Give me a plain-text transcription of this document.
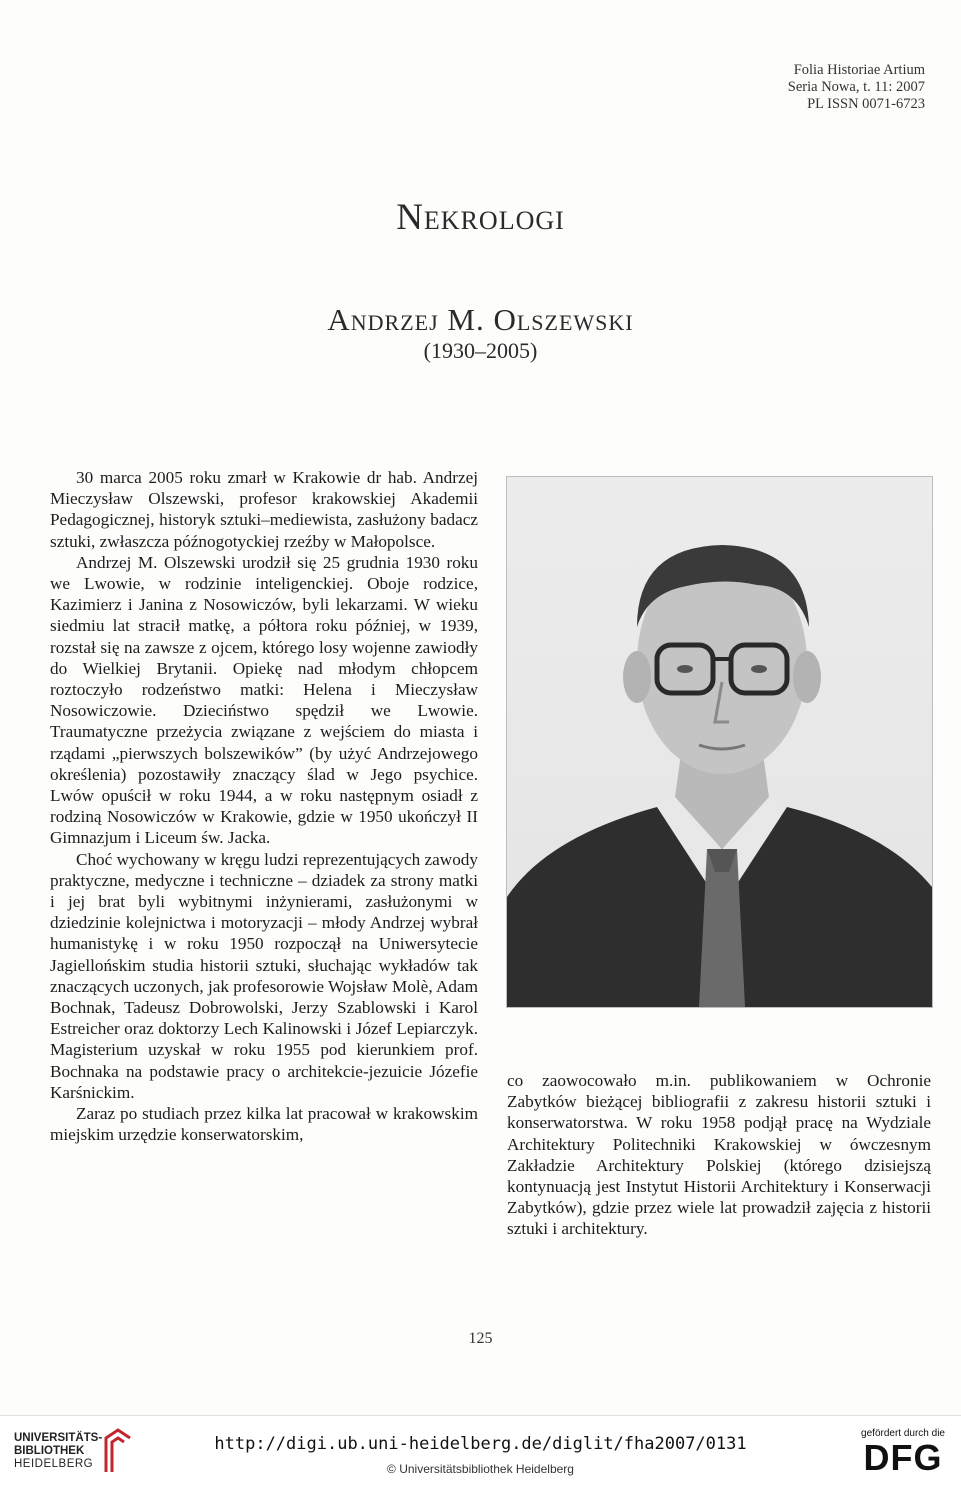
Folia Historiae Artium
Seria Nowa, t. 11: 2007
PL ISSN 0071-6723
Nekrologi
Andrzej M. Olszewski
(1930–2005)

30 marca 2005 roku zmarł w Krakowie dr hab. Andrzej Mieczysław Olszewski, profesor krakowskiej Akademii Pedagogicznej, historyk sztuki–mediewista, zasłużony badacz sztuki, zwłaszcza późnogotyckiej rzeźby w Małopolsce.

Andrzej M. Olszewski urodził się 25 grudnia 1930 roku we Lwowie, w rodzinie inteligenckiej. Oboje rodzice, Kazimierz i Janina z Nosowiczów, byli lekarzami. W wieku siedmiu lat stracił matkę, a półtora roku później, w 1939, rozstał się na zawsze z ojcem, którego losy wojenne zawiodły do Wielkiej Brytanii. Opiekę nad młodym chłopcem roztoczyło rodzeństwo matki: Helena i Mieczysław Nosowiczowie. Dzieciństwo spędził we Lwowie. Traumatyczne przeżycia związane z wejściem do miasta i rządami „pierwszych bolszewików” (by użyć Andrzejowego określenia) pozostawiły znaczący ślad w Jego psychice. Lwów opuścił w roku 1944, a w roku następnym osiadł z rodziną Nosowiczów w Krakowie, gdzie w 1950 ukończył II Gimnazjum i Liceum św. Jacka.

Choć wychowany w kręgu ludzi reprezentujących zawody praktyczne, medyczne i techniczne – dziadek za strony matki i jej brat byli wybitnymi inżynierami, zasłużonymi w dziedzinie kolejnictwa i motoryzacji – młody Andrzej wybrał humanistykę i w roku 1950 rozpoczął na Uniwersytecie Jagiellońskim studia historii sztuki, słuchając wykładów tak znaczących uczonych, jak profesorowie Wojsław Molè, Adam Bochnak, Tadeusz Dobrowolski, Jerzy Szablowski i Karol Estreicher oraz doktorzy Lech Kalinowski i Józef Lepiarczyk. Magisterium uzyskał w roku 1955 pod kierunkiem prof. Bochnaka na podstawie pracy o architekcie-jezuicie Józefie Karśnickim.

Zaraz po studiach przez kilka lat pracował w krakowskim miejskim urzędzie konserwatorskim,

co zaowocowało m.in. publikowaniem w Ochronie Zabytków bieżącej bibliografii z zakresu historii sztuki i konserwatorstwa. W roku 1958 podjął pracę na Wydziale Architektury Politechniki Krakowskiej w ówczesnym Zakładzie Architektury Polskiej (którego dzisiejszą kontynuacją jest Instytut Historii Architektury i Konserwacji Zabytków), gdzie przez wiele lat prowadził zajęcia z historii sztuki i architektury.

125
UNIVERSITÄTS-
BIBLIOTHEK
HEIDELBERG
http://digi.ub.uni-heidelberg.de/diglit/fha2007/0131
© Universitätsbibliothek Heidelberg
gefördert durch die
DFG
